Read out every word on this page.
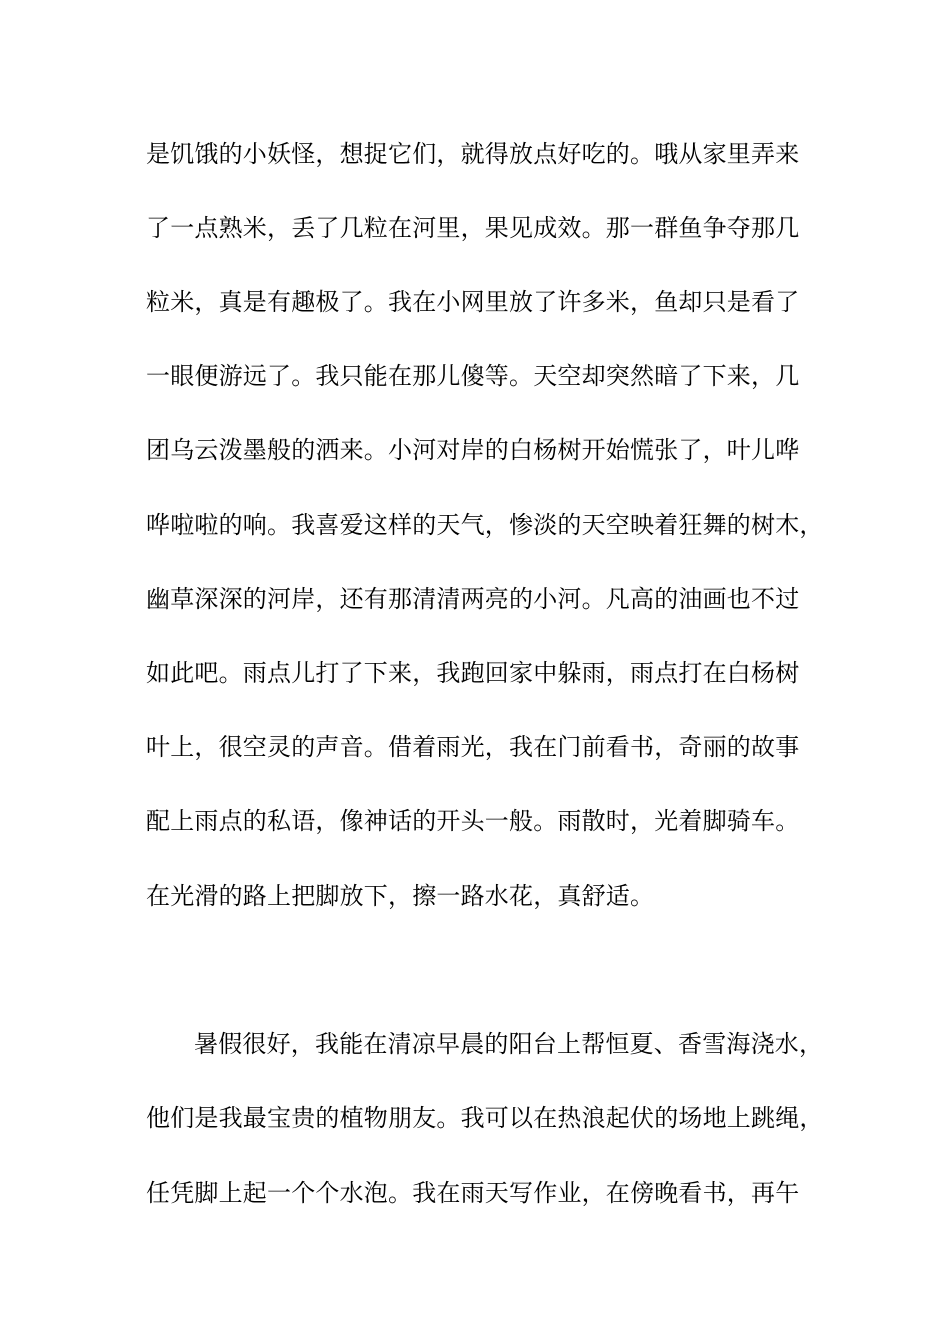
是饥饿的小妖怪，想捉它们，就得放点好吃的。哦从家里弄来
了一点熟米，丢了几粒在河里，果见成效。那一群鱼争夺那几
粒米，真是有趣极了。我在小网里放了许多米，鱼却只是看了
一眼便游远了。我只能在那儿傻等。天空却突然暗了下来，几
团乌云泼墨般的洒来。小河对岸的白杨树开始慌张了，叶儿哗
哗啦啦的响。我喜爱这样的天气，惨淡的天空映着狂舞的树木，
幽草深深的河岸，还有那清清两亮的小河。凡高的油画也不过
如此吧。雨点儿打了下来，我跑回家中躲雨，雨点打在白杨树
叶上，很空灵的声音。借着雨光，我在门前看书，奇丽的故事
配上雨点的私语，像神话的开头一般。雨散时，光着脚骑车。
在光滑的路上把脚放下，擦一路水花，真舒适。
暑假很好，我能在清凉早晨的阳台上帮恒夏、香雪海浇水，
他们是我最宝贵的植物朋友。我可以在热浪起伏的场地上跳绳，
任凭脚上起一个个水泡。我在雨天写作业，在傍晚看书，再午
